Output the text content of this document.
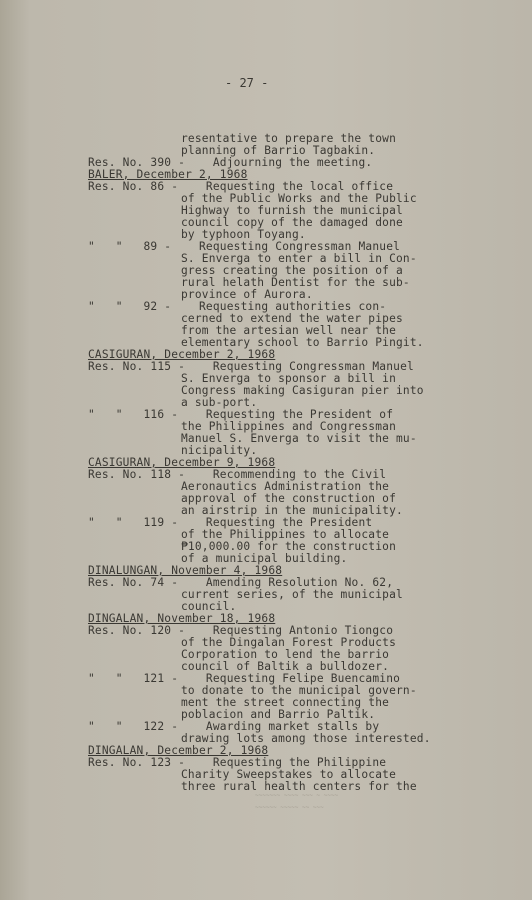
- 27 -
resentative to prepare the town
planning of Barrio Tagbakin.
Res. No. 390 -    Adjourning the meeting.
BALER, December 2, 1968
Res. No. 86 -    Requesting the local office
of the Public Works and the Public
Highway to furnish the municipal
council copy of the damaged done
by typhoon Toyang.
"   "   89 -    Requesting Congressman Manuel
S. Enverga to enter a bill in Con-
gress creating the position of a
rural helath Dentist for the sub-
province of Aurora.
"   "   92 -    Requesting authorities con-
cerned to extend the water pipes
from the artesian well near the
elementary school to Barrio Pingit.
CASIGURAN, December 2, 1968
Res. No. 115 -    Requesting Congressman Manuel
S. Enverga to sponsor a bill in
Congress making Casiguran pier into
a sub-port.
"   "   116 -    Requesting the President of
the Philippines and Congressman
Manuel S. Enverga to visit the mu-
nicipality.
CASIGURAN, December 9, 1968
Res. No. 118 -    Recommending to the Civil
Aeronautics Administration the
approval of the construction of
an airstrip in the municipality.
"   "   119 -    Requesting the President
of the Philippines to allocate
₱10,000.00 for the construction
of a municipal building.
DINALUNGAN, November 4, 1968
Res. No. 74 -    Amending Resolution No. 62,
current series, of the municipal
council.
DINGALAN, November 18, 1968
Res. No. 120 -    Requesting Antonio Tiongco
of the Dingalan Forest Products
Corporation to lend the barrio
council of Baltik a bulldozer.
"   "   121 -    Requesting Felipe Buencamino
to donate to the municipal govern-
ment the street connecting the
poblacion and Barrio Paltik.
"   "   122 -    Awarding market stalls by
drawing lots among those interested.
DINGALAN, December 2, 1968
Res. No. 123 -    Requesting the Philippine
Charity Sweepstakes to allocate
three rural health centers for the
~~~~~~~ ~~~~ ~~~ ~ ~~~~
~~~~~~ ~~~~~ ~~ ~~~
